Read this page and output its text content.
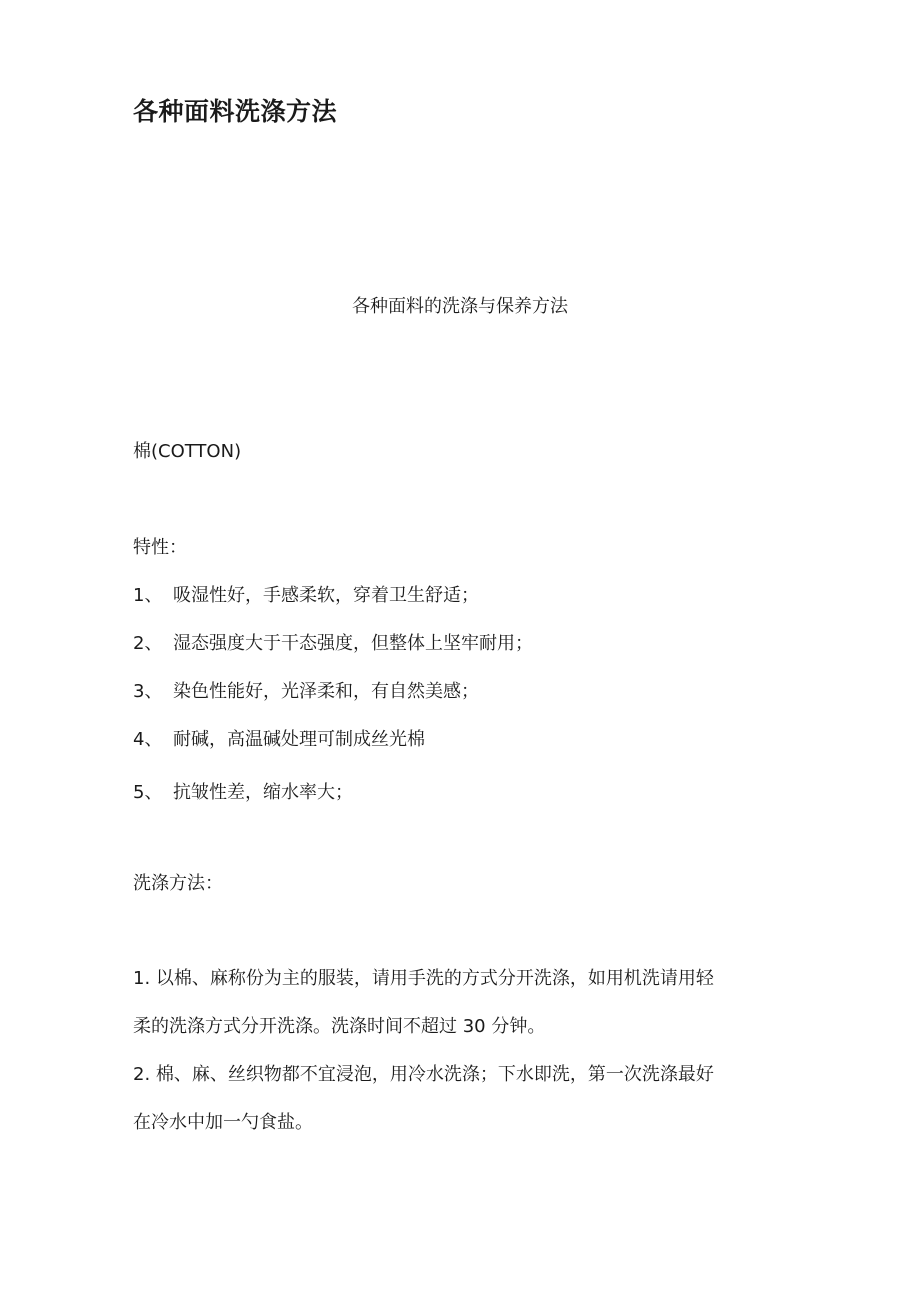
各种面料洗涤方法
各种面料的洗涤与保养方法
棉(COTTON)
特性：
1、 吸湿性好，手感柔软，穿着卫生舒适；
2、 湿态强度大于干态强度，但整体上坚牢耐用；
3、 染色性能好，光泽柔和，有自然美感；
4、 耐碱，高温碱处理可制成丝光棉
5、 抗皱性差，缩水率大；
洗涤方法：
1. 以棉、麻称份为主的服装，请用手洗的方式分开洗涤，如用机洗请用轻
柔的洗涤方式分开洗涤。洗涤时间不超过 30 分钟。
2. 棉、麻、丝织物都不宜浸泡，用冷水洗涤；下水即洗，第一次洗涤最好
在冷水中加一勺食盐。
